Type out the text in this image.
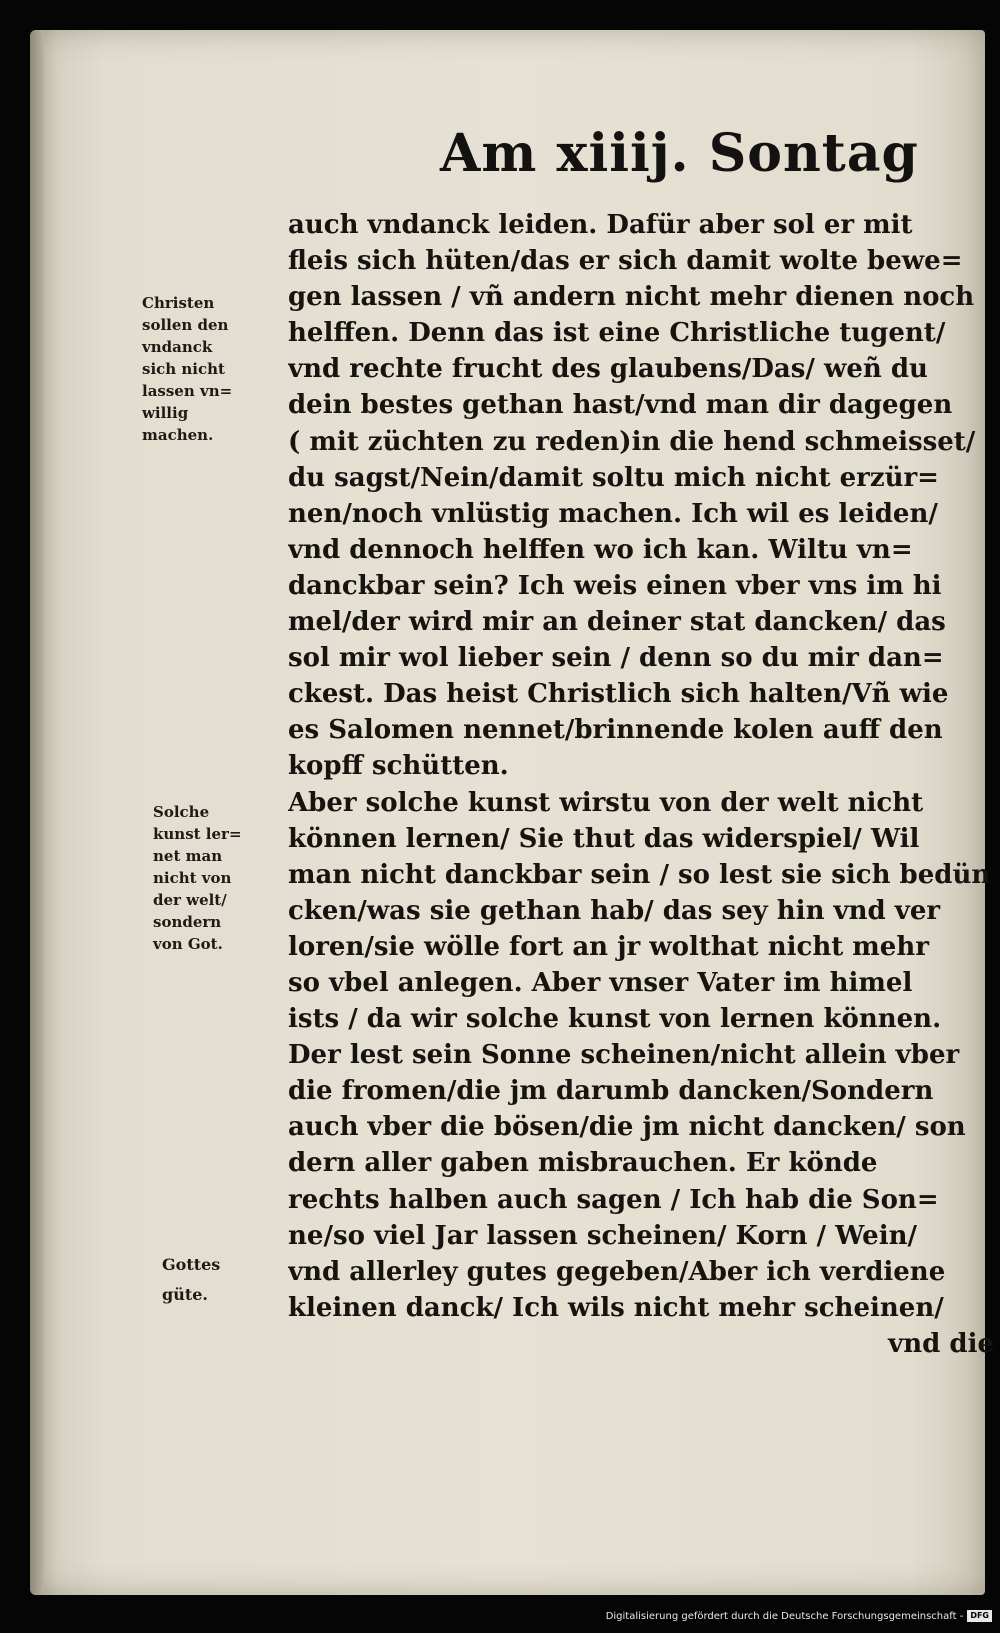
Am xiiij. Sontag
Christen
sollen den
vndanck
sich nicht
lassen vn=
willig
machen.
Solche
kunst ler=
net man
nicht von
der welt/
sondern
von Got.
Gottes
güte.
auch vndanck leiden. Dafür aber sol er mit
fleis sich hüten/das er sich damit wolte bewe=
gen lassen / vñ andern nicht mehr dienen noch
helffen. Denn das ist eine Christliche tugent/
vnd rechte frucht des glaubens/Das/ weñ du
dein bestes gethan hast/vnd man dir dagegen
( mit züchten zu reden)in die hend schmeisset/
du sagst/Nein/damit soltu mich nicht erzür=
nen/noch vnlüstig machen. Ich wil es leiden/
vnd dennoch helffen wo ich kan. Wiltu vn=
danckbar sein? Ich weis einen vber vns im hi
mel/der wird mir an deiner stat dancken/ das
sol mir wol lieber sein / denn so du mir dan=
ckest. Das heist Christlich sich halten/Vñ wie
es Salomen nennet/brinnende kolen auff den
kopff schütten.
Aber solche kunst wirstu von der welt nicht
können lernen/ Sie thut das widerspiel/ Wil
man nicht danckbar sein / so lest sie sich bedün
cken/was sie gethan hab/ das sey hin vnd ver
loren/sie wölle fort an jr wolthat nicht mehr
so vbel anlegen. Aber vnser Vater im himel
ists / da wir solche kunst von lernen können.
Der lest sein Sonne scheinen/nicht allein vber
die fromen/die jm darumb dancken/Sondern
auch vber die bösen/die jm nicht dancken/ son
dern aller gaben misbrauchen. Er könde
rechts halben auch sagen / Ich hab die Son=
ne/so viel Jar lassen scheinen/ Korn / Wein/
vnd allerley gutes gegeben/Aber ich verdiene
kleinen danck/ Ich wils nicht mehr scheinen/
vnd die
Digitalisierung gefördert durch die Deutsche Forschungsgemeinschaft - DFG
